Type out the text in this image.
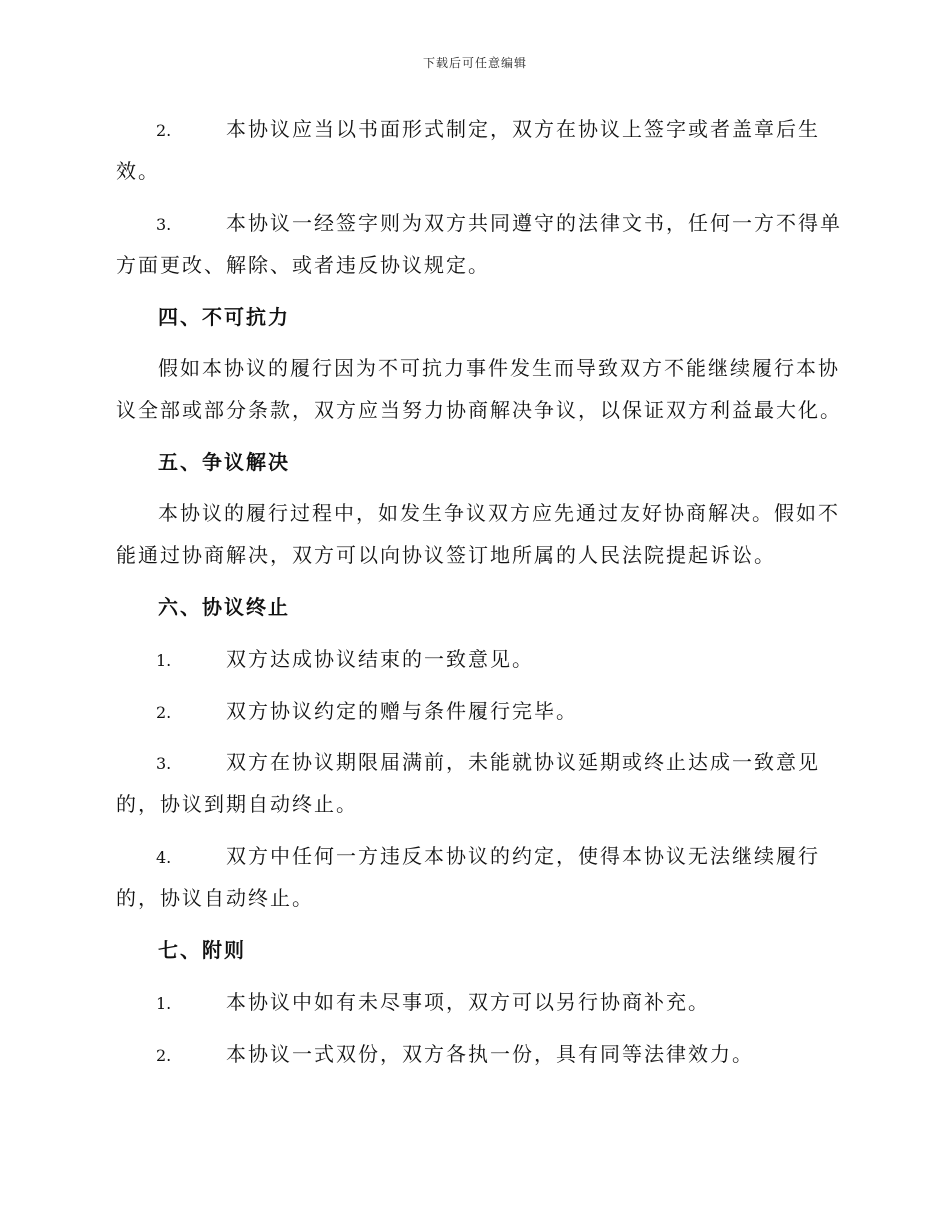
下载后可任意编辑
2.	本协议应当以书面形式制定，双方在协议上签字或者盖章后生
效。
3.	本协议一经签字则为双方共同遵守的法律文书，任何一方不得单
方面更改、解除、或者违反协议规定。
四、不可抗力
假如本协议的履行因为不可抗力事件发生而导致双方不能继续履行本协
议全部或部分条款，双方应当努力协商解决争议，以保证双方利益最大化。
五、争议解决
本协议的履行过程中，如发生争议双方应先通过友好协商解决。假如不
能通过协商解决，双方可以向协议签订地所属的人民法院提起诉讼。
六、协议终止
1.	双方达成协议结束的一致意见。
2.	双方协议约定的赠与条件履行完毕。
3.	双方在协议期限届满前，未能就协议延期或终止达成一致意见
的，协议到期自动终止。
4.	双方中任何一方违反本协议的约定，使得本协议无法继续履行
的，协议自动终止。
七、附则
1.	本协议中如有未尽事项，双方可以另行协商补充。
2.	本协议一式双份，双方各执一份，具有同等法律效力。
